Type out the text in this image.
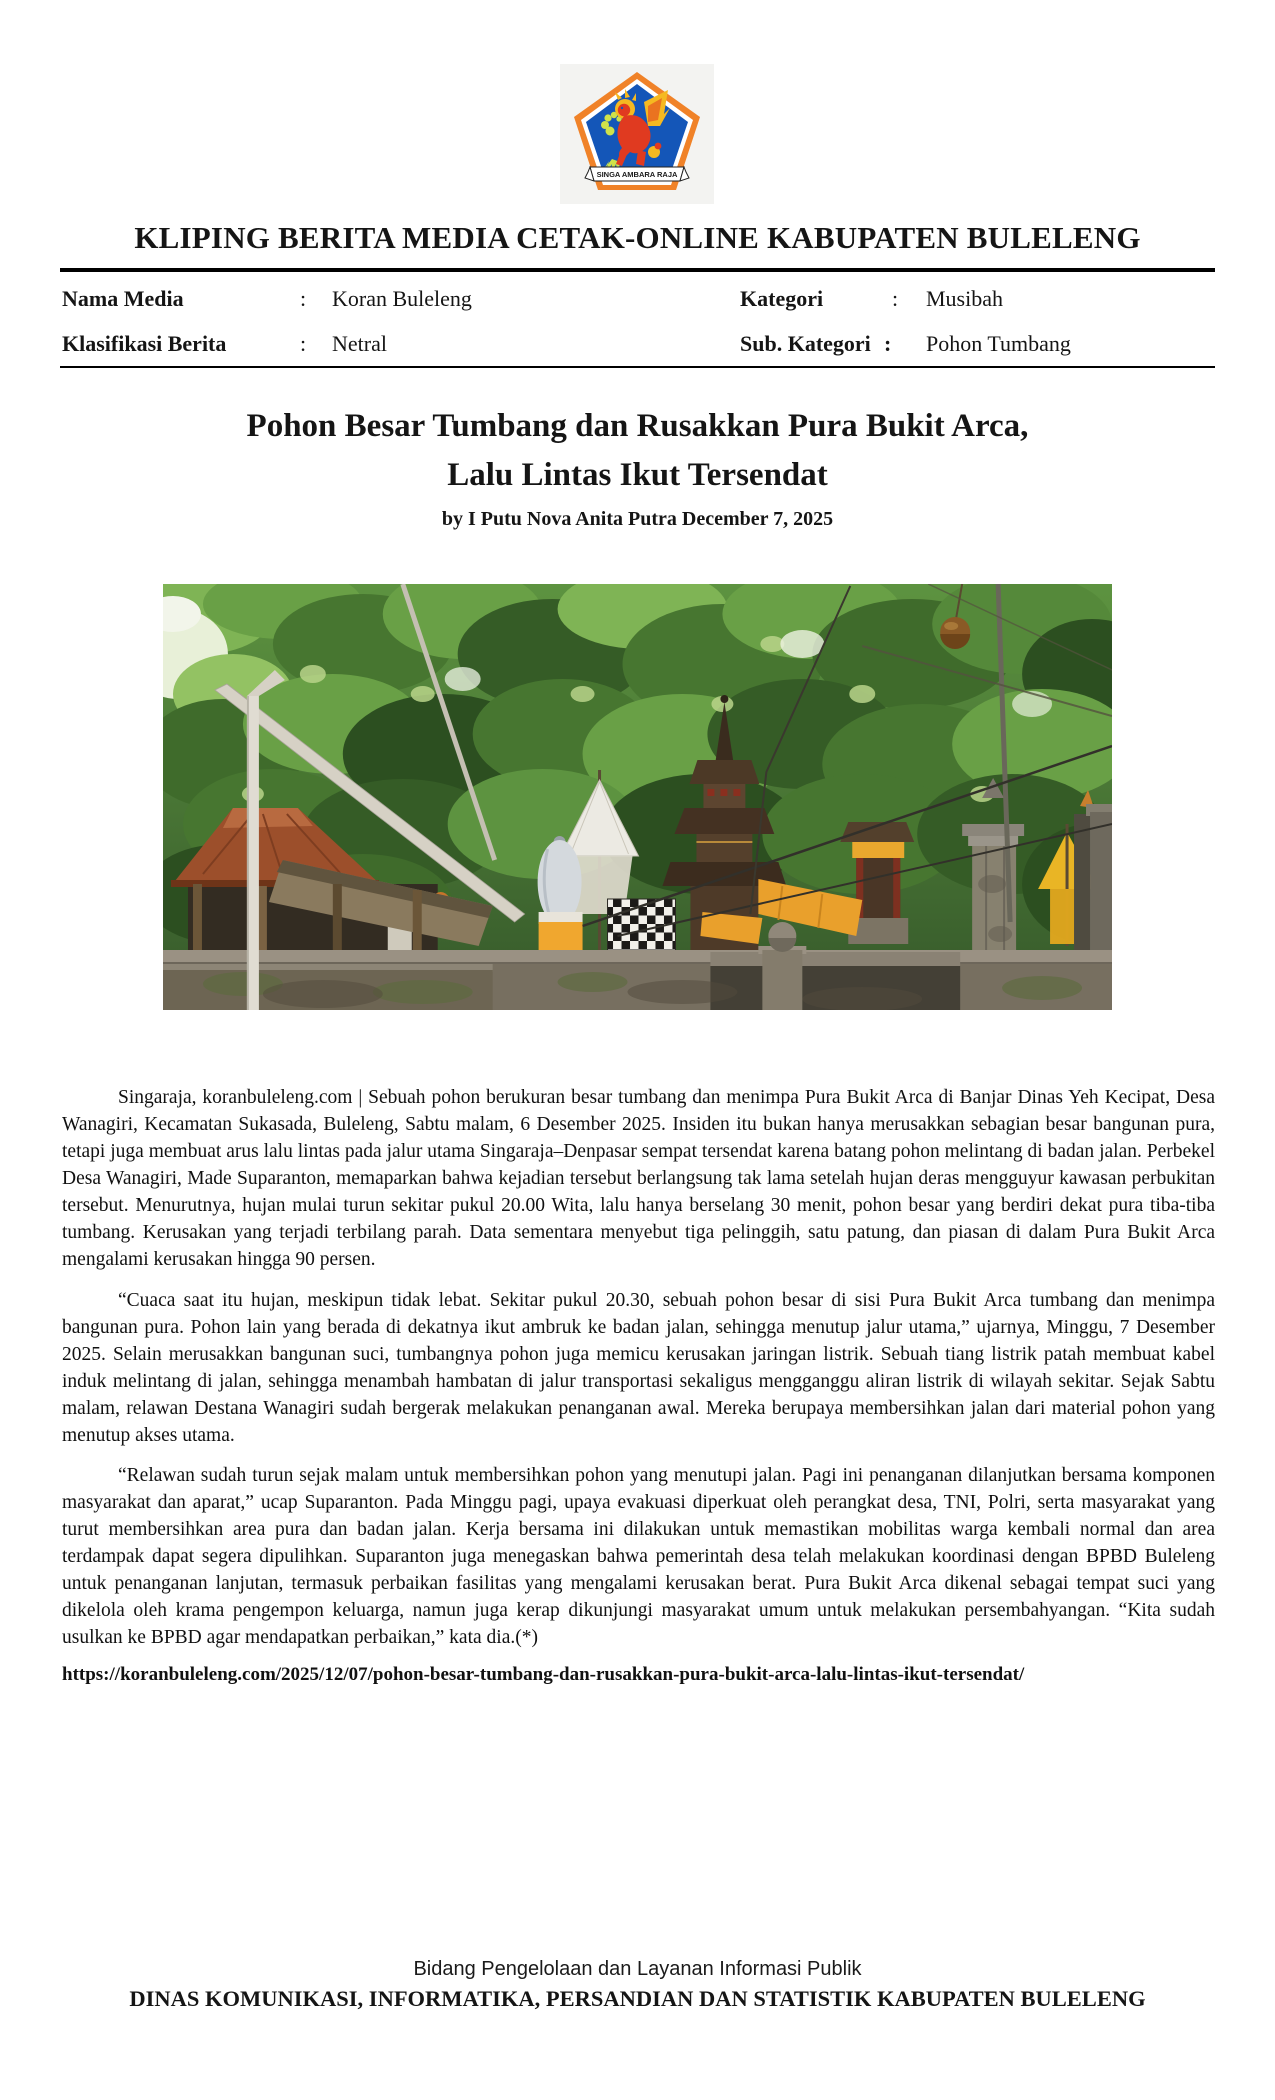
SINGA AMBARA RAJA
KLIPING BERITA MEDIA CETAK-ONLINE KABUPATEN BULELENG
Nama Media	: Koran Buleleng
Klasifikasi Berita	: Netral
Kategori	: Musibah
Sub. Kategori : Pohon Tumbang
Pohon Besar Tumbang dan Rusakkan Pura Bukit Arca,
Lalu Lintas Ikut Tersendat
by I Putu Nova Anita Putra December 7, 2025

Singaraja, koranbuleleng.com | Sebuah pohon berukuran besar tumbang dan menimpa Pura Bukit Arca di Banjar Dinas Yeh Kecipat, Desa Wanagiri, Kecamatan Sukasada, Buleleng, Sabtu malam, 6 Desember 2025. Insiden itu bukan hanya merusakkan sebagian besar bangunan pura, tetapi juga membuat arus lalu lintas pada jalur utama Singaraja–Denpasar sempat tersendat karena batang pohon melintang di badan jalan. Perbekel Desa Wanagiri, Made Suparanton, memaparkan bahwa kejadian tersebut berlangsung tak lama setelah hujan deras mengguyur kawasan perbukitan tersebut. Menurutnya, hujan mulai turun sekitar pukul 20.00 Wita, lalu hanya berselang 30 menit, pohon besar yang berdiri dekat pura tiba-tiba tumbang. Kerusakan yang terjadi terbilang parah. Data sementara menyebut tiga pelinggih, satu patung, dan piasan di dalam Pura Bukit Arca mengalami kerusakan hingga 90 persen.

“Cuaca saat itu hujan, meskipun tidak lebat. Sekitar pukul 20.30, sebuah pohon besar di sisi Pura Bukit Arca tumbang dan menimpa bangunan pura. Pohon lain yang berada di dekatnya ikut ambruk ke badan jalan, sehingga menutup jalur utama,” ujarnya, Minggu, 7 Desember 2025. Selain merusakkan bangunan suci, tumbangnya pohon juga memicu kerusakan jaringan listrik. Sebuah tiang listrik patah membuat kabel induk melintang di jalan, sehingga menambah hambatan di jalur transportasi sekaligus mengganggu aliran listrik di wilayah sekitar. Sejak Sabtu malam, relawan Destana Wanagiri sudah bergerak melakukan penanganan awal. Mereka berupaya membersihkan jalan dari material pohon yang menutup akses utama.

“Relawan sudah turun sejak malam untuk membersihkan pohon yang menutupi jalan. Pagi ini penanganan dilanjutkan bersama komponen masyarakat dan aparat,” ucap Suparanton. Pada Minggu pagi, upaya evakuasi diperkuat oleh perangkat desa, TNI, Polri, serta masyarakat yang turut membersihkan area pura dan badan jalan. Kerja bersama ini dilakukan untuk memastikan mobilitas warga kembali normal dan area terdampak dapat segera dipulihkan. Suparanton juga menegaskan bahwa pemerintah desa telah melakukan koordinasi dengan BPBD Buleleng untuk penanganan lanjutan, termasuk perbaikan fasilitas yang mengalami kerusakan berat. Pura Bukit Arca dikenal sebagai tempat suci yang dikelola oleh krama pengempon keluarga, namun juga kerap dikunjungi masyarakat umum untuk melakukan persembahyangan. “Kita sudah usulkan ke BPBD agar mendapatkan perbaikan,” kata dia.(*)

https://koranbuleleng.com/2025/12/07/pohon-besar-tumbang-dan-rusakkan-pura-bukit-arca-lalu-lintas-ikut-tersendat/
Bidang Pengelolaan dan Layanan Informasi Publik
DINAS KOMUNIKASI, INFORMATIKA, PERSANDIAN DAN STATISTIK KABUPATEN BULELENG
